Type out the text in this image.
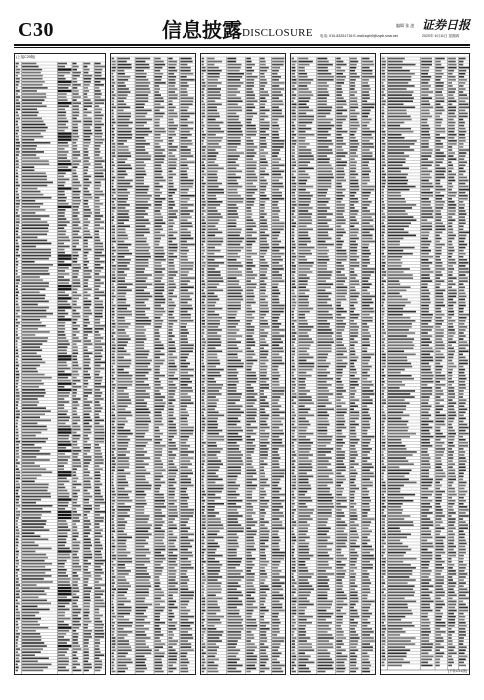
C30	信息披露 DISCLOSURE
编辑 张 凌
电话: 010-83251716 E-mail:zqrb9@zqrb.sina.net
证券日报
2020年 6月11日 星期四
(上接C29版)
(下转C31版)
